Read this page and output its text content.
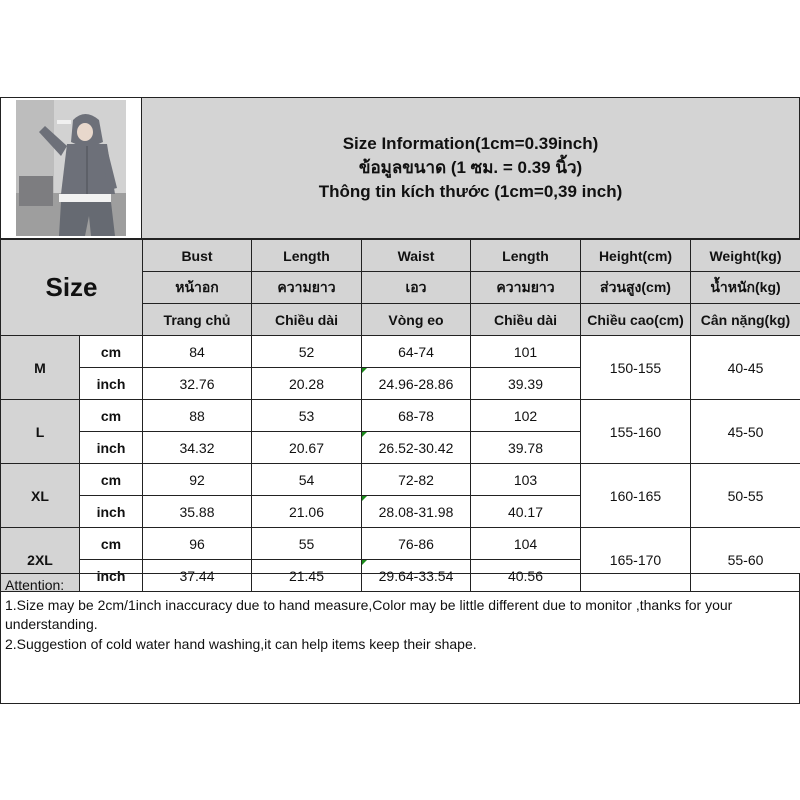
Size Information(1cm=0.39inch)
ข้อมูลขนาด (1 ซม. = 0.39 นิ้ว)
Thông tin kích thước (1cm=0,39 inch)
Size		Bust	Length	Waist	Length	Height(cm)	Weight(kg)
		หน้าอก	ความยาว	เอว	ความยาว	ส่วนสูง(cm)	น้ำหนัก(kg)
		Trang chủ	Chiều dài	Vòng eo	Chiều dài	Chiều cao(cm)	Cân nặng(kg)
M	cm	84	52	64-74	101	150-155	40-45
	inch	32.76	20.28	24.96-28.86	39.39		
L	cm	88	53	68-78	102	155-160	45-50
	inch	34.32	20.67	26.52-30.42	39.78		
XL	cm	92	54	72-82	103	160-165	50-55
	inch	35.88	21.06	28.08-31.98	40.17		
2XL	cm	96	55	76-86	104	165-170	55-60
	inch	37.44	21.45	29.64-33.54	40.56		

Attention:

1.Size may be 2cm/1inch inaccuracy due to hand measure,Color may be little different due to monitor ,thanks for your understanding.

2.Suggestion of cold water hand washing,it can help items keep their shape.
